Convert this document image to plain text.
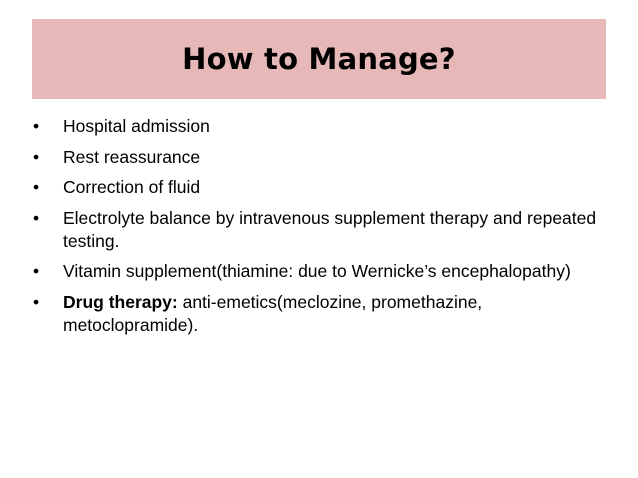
How to Manage?
•	Hospital admission
•	Rest reassurance
•	Correction of fluid
•	Electrolyte balance by intravenous supplement therapy and repeated testing.
•	Vitamin supplement(thiamine: due to Wernicke’s encephalopathy)
•	Drug therapy: anti-emetics(meclozine, promethazine, metoclopramide).
